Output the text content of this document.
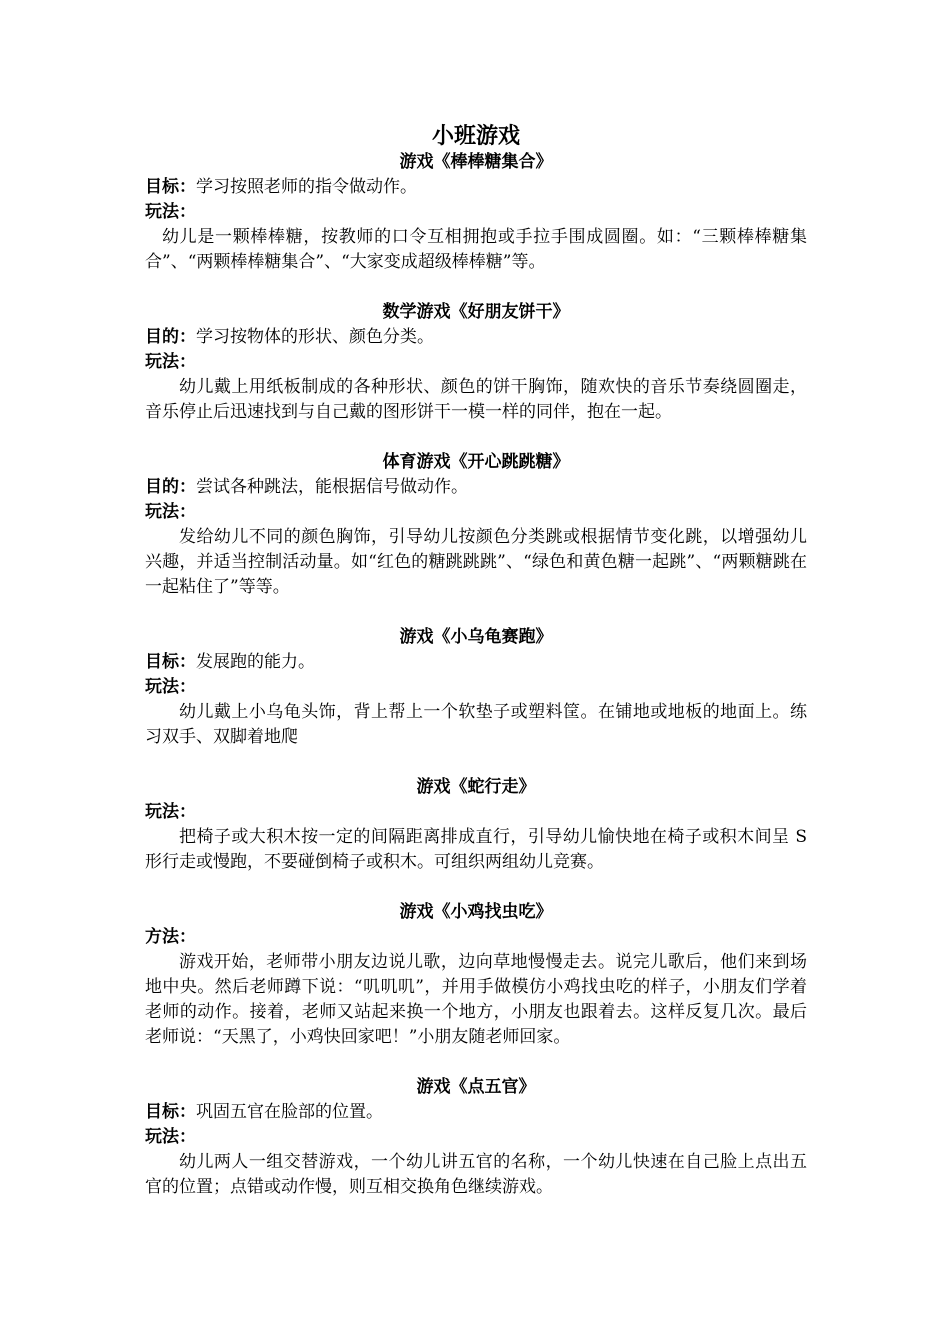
小班游戏
游戏《棒棒糖集合》
目标：学习按照老师的指令做动作。
玩法：

幼儿是一颗棒棒糖，按教师的口令互相拥抱或手拉手围成圆圈。如：“三颗棒棒糖集合”、“两颗棒棒糖集合”、“大家变成超级棒棒糖”等。

数学游戏《好朋友饼干》
目的：学习按物体的形状、颜色分类。
玩法：

幼儿戴上用纸板制成的各种形状、颜色的饼干胸饰，随欢快的音乐节奏绕圆圈走，音乐停止后迅速找到与自己戴的图形饼干一模一样的同伴，抱在一起。

体育游戏《开心跳跳糖》
目的：尝试各种跳法，能根据信号做动作。
玩法：

发给幼儿不同的颜色胸饰，引导幼儿按颜色分类跳或根据情节变化跳，以增强幼儿兴趣，并适当控制活动量。如“红色的糖跳跳跳”、“绿色和黄色糖一起跳”、“两颗糖跳在一起粘住了”等等。

游戏《小乌龟赛跑》
目标：发展跑的能力。
玩法：

幼儿戴上小乌龟头饰，背上帮上一个软垫子或塑料筐。在铺地或地板的地面上。练习双手、双脚着地爬

游戏《蛇行走》
玩法：

把椅子或大积木按一定的间隔距离排成直行，引导幼儿愉快地在椅子或积木间呈 S 形行走或慢跑，不要碰倒椅子或积木。可组织两组幼儿竞赛。

游戏《小鸡找虫吃》
方法：

游戏开始，老师带小朋友边说儿歌，边向草地慢慢走去。说完儿歌后，他们来到场地中央。然后老师蹲下说：“叽叽叽”，并用手做模仿小鸡找虫吃的样子，小朋友们学着老师的动作。接着，老师又站起来换一个地方，小朋友也跟着去。这样反复几次。最后老师说：“天黑了，小鸡快回家吧！”小朋友随老师回家。

游戏《点五官》
目标：巩固五官在脸部的位置。
玩法：

幼儿两人一组交替游戏，一个幼儿讲五官的名称，一个幼儿快速在自己脸上点出五官的位置；点错或动作慢，则互相交换角色继续游戏。
